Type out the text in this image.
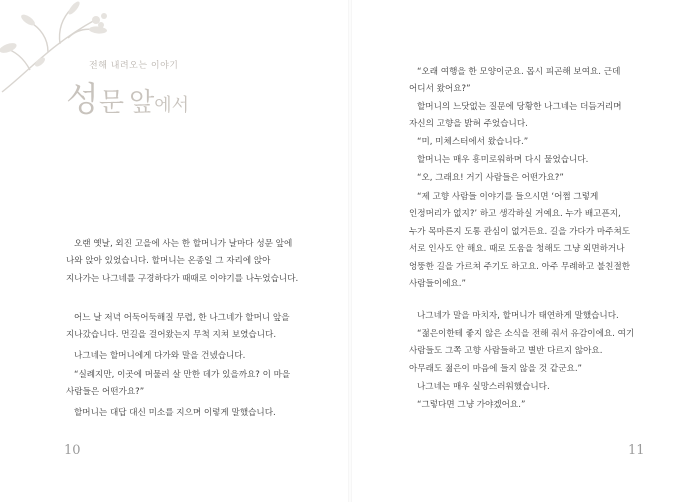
전해 내려오는 이야기
성문 앞에서

오랜 옛날, 외진 고을에 사는 한 할머니가 날마다 성문 앞에 나와 앉아 있었습니다. 할머니는 온종일 그 자리에 앉아 지나가는 나그네를 구경하다가 때때로 이야기를 나누었습니다.

어느 날 저녁 어둑어둑해질 무렵, 한 나그네가 할머니 앞을 지나갔습니다. 먼길을 걸어왔는지 무척 지쳐 보였습니다.

나그네는 할머니에게 다가와 말을 건넸습니다.

“실례지만, 이곳에 머물러 살 만한 데가 있을까요? 이 마을 사람들은 어떤가요?”

할머니는 대답 대신 미소를 지으며 이렇게 말했습니다.

10

“오래 여행을 한 모양이군요. 몹시 피곤해 보여요. 근데 어디서 왔어요?”

할머니의 느닷없는 질문에 당황한 나그네는 더듬거리며 자신의 고향을 밝혀 주었습니다.

“미, 미체스터에서 왔습니다.”

할머니는 매우 흥미로워하며 다시 물었습니다.

“오, 그래요! 거기 사람들은 어떤가요?”

“제 고향 사람들 이야기를 들으시면 ‘어쩜 그렇게 인정머리가 없지?’ 하고 생각하실 거예요. 누가 배고픈지, 누가 목마른지 도통 관심이 없거든요. 길을 가다가 마주쳐도 서로 인사도 안 해요. 때로 도움을 청해도 그냥 외면하거나 엉뚱한 길을 가르쳐 주기도 하고요. 아주 무례하고 불친절한 사람들이에요.”

나그네가 말을 마치자, 할머니가 태연하게 말했습니다.

“젊은이한테 좋지 않은 소식을 전해 줘서 유감이에요. 여기 사람들도 그쪽 고향 사람들하고 별반 다르지 않아요. 아무래도 젊은이 마음에 들지 않을 것 같군요.”

나그네는 매우 실망스러워했습니다.

“그렇다면 그냥 가야겠어요.”

11
